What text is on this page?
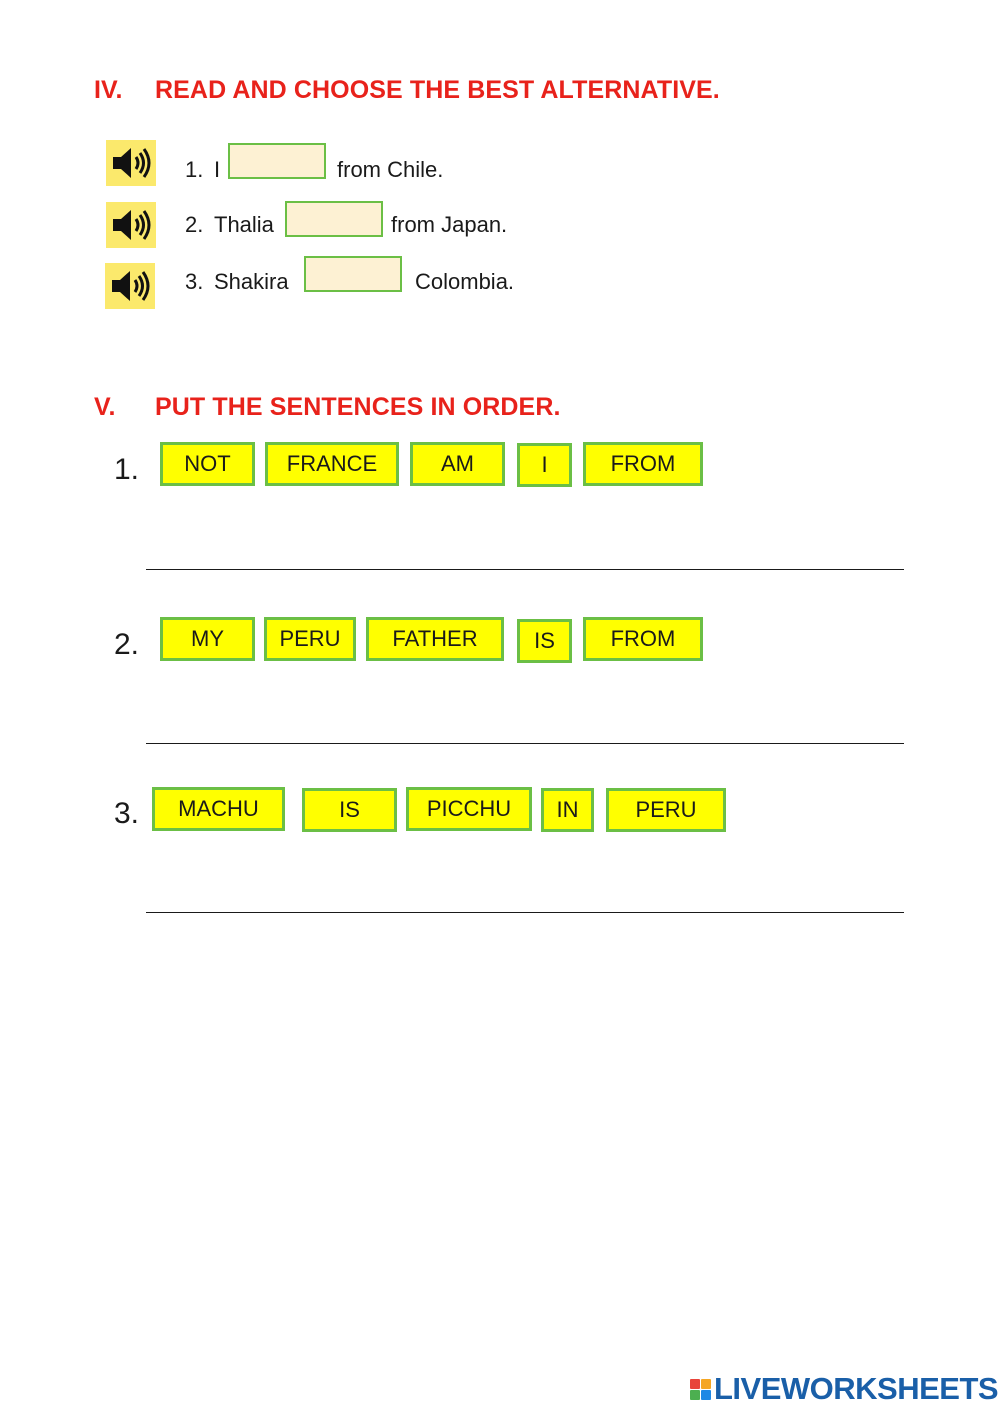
IV. READ AND CHOOSE THE BEST ALTERNATIVE.
1. I	from Chile.
2. Thalia	from Japan.
3. Shakira	Colombia.
V. PUT THE SENTENCES IN ORDER.
1.	NOT	FRANCE	AM	I	FROM
2.	MY	PERU	FATHER	IS	FROM
3.	MACHU	IS	PICCHU	IN	PERU
LIVEWORKSHEETS
